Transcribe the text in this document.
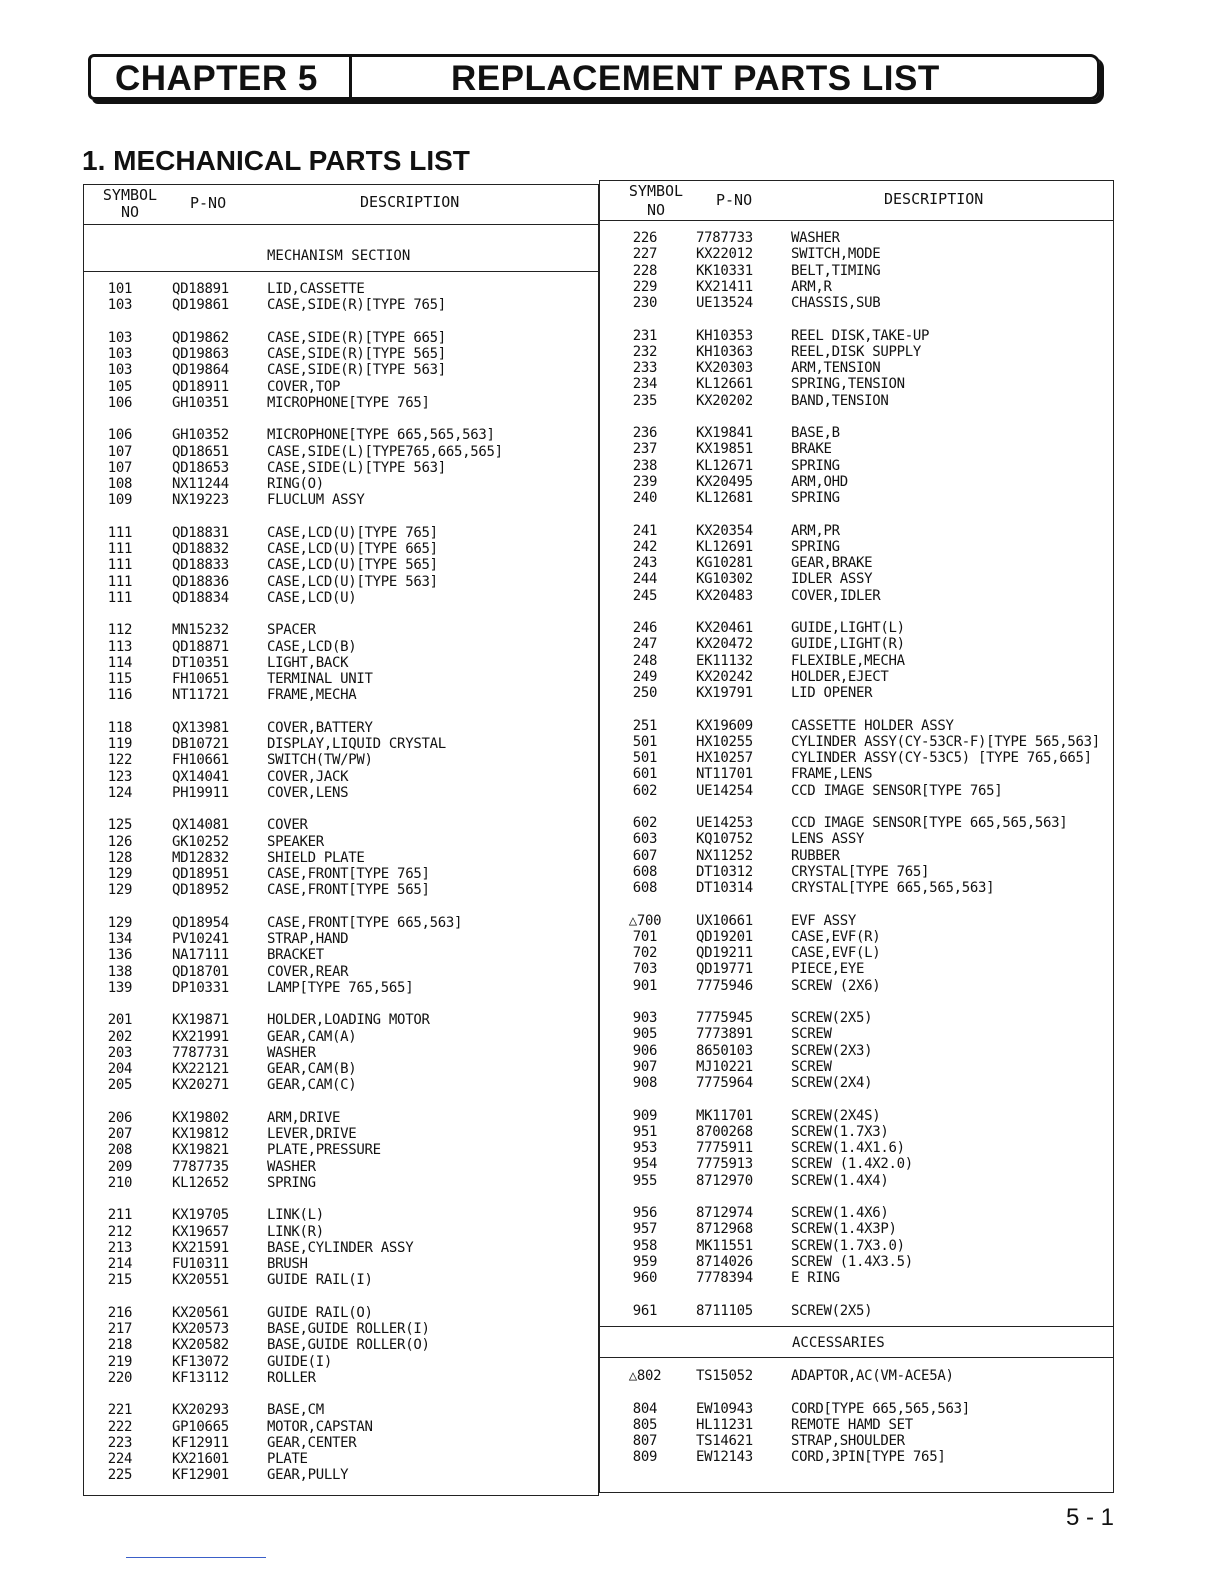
CHAPTER 5	REPLACEMENT PARTS LIST
1. MECHANICAL PARTS LIST
SYMBOL
NO	P-NO	DESCRIPTION
MECHANISM SECTION
101	QD18891	LID,CASSETTE
103	QD19861	CASE,SIDE(R)[TYPE 765]
103	QD19862	CASE,SIDE(R)[TYPE 665]
103	QD19863	CASE,SIDE(R)[TYPE 565]
103	QD19864	CASE,SIDE(R)[TYPE 563]
105	QD18911	COVER,TOP
106	GH10351	MICROPHONE[TYPE 765]
106	GH10352	MICROPHONE[TYPE 665,565,563]
107	QD18651	CASE,SIDE(L)[TYPE765,665,565]
107	QD18653	CASE,SIDE(L)[TYPE 563]
108	NX11244	RING(O)
109	NX19223	FLUCLUM ASSY
111	QD18831	CASE,LCD(U)[TYPE 765]
111	QD18832	CASE,LCD(U)[TYPE 665]
111	QD18833	CASE,LCD(U)[TYPE 565]
111	QD18836	CASE,LCD(U)[TYPE 563]
111	QD18834	CASE,LCD(U)
112	MN15232	SPACER
113	QD18871	CASE,LCD(B)
114	DT10351	LIGHT,BACK
115	FH10651	TERMINAL UNIT
116	NT11721	FRAME,MECHA
118	QX13981	COVER,BATTERY
119	DB10721	DISPLAY,LIQUID CRYSTAL
122	FH10661	SWITCH(TW/PW)
123	QX14041	COVER,JACK
124	PH19911	COVER,LENS
125	QX14081	COVER
126	GK10252	SPEAKER
128	MD12832	SHIELD PLATE
129	QD18951	CASE,FRONT[TYPE 765]
129	QD18952	CASE,FRONT[TYPE 565]
129	QD18954	CASE,FRONT[TYPE 665,563]
134	PV10241	STRAP,HAND
136	NA17111	BRACKET
138	QD18701	COVER,REAR
139	DP10331	LAMP[TYPE 765,565]
201	KX19871	HOLDER,LOADING MOTOR
202	KX21991	GEAR,CAM(A)
203	7787731	WASHER
204	KX22121	GEAR,CAM(B)
205	KX20271	GEAR,CAM(C)
206	KX19802	ARM,DRIVE
207	KX19812	LEVER,DRIVE
208	KX19821	PLATE,PRESSURE
209	7787735	WASHER
210	KL12652	SPRING
211	KX19705	LINK(L)
212	KX19657	LINK(R)
213	KX21591	BASE,CYLINDER ASSY
214	FU10311	BRUSH
215	KX20551	GUIDE RAIL(I)
216	KX20561	GUIDE RAIL(O)
217	KX20573	BASE,GUIDE ROLLER(I)
218	KX20582	BASE,GUIDE ROLLER(O)
219	KF13072	GUIDE(I)
220	KF13112	ROLLER
221	KX20293	BASE,CM
222	GP10665	MOTOR,CAPSTAN
223	KF12911	GEAR,CENTER
224	KX21601	PLATE
225	KF12901	GEAR,PULLY
SYMBOL
NO
P-NO	DESCRIPTION
226	7787733	WASHER
227	KX22012	SWITCH,MODE
228	KK10331	BELT,TIMING
229	KX21411	ARM,R
230	UE13524	CHASSIS,SUB
231	KH10353	REEL DISK,TAKE-UP
232	KH10363	REEL,DISK SUPPLY
233	KX20303	ARM,TENSION
234	KL12661	SPRING,TENSION
235	KX20202	BAND,TENSION
236	KX19841	BASE,B
237	KX19851	BRAKE
238	KL12671	SPRING
239	KX20495	ARM,OHD
240	KL12681	SPRING
241	KX20354	ARM,PR
242	KL12691	SPRING
243	KG10281	GEAR,BRAKE
244	KG10302	IDLER ASSY
245	KX20483	COVER,IDLER
246	KX20461	GUIDE,LIGHT(L)
247	KX20472	GUIDE,LIGHT(R)
248	EK11132	FLEXIBLE,MECHA
249	KX20242	HOLDER,EJECT
250	KX19791	LID OPENER
251	KX19609	CASSETTE HOLDER ASSY
501	HX10255	CYLINDER ASSY(CY-53CR-F)[TYPE 565,563]
501	HX10257	CYLINDER ASSY(CY-53C5) [TYPE 765,665]
601	NT11701	FRAME,LENS
602	UE14254	CCD IMAGE SENSOR[TYPE 765]
602	UE14253	CCD IMAGE SENSOR[TYPE 665,565,563]
603	KQ10752	LENS ASSY
607	NX11252	RUBBER
608	DT10312	CRYSTAL[TYPE 765]
608	DT10314	CRYSTAL[TYPE 665,565,563]
△700	UX10661	EVF ASSY
701	QD19201	CASE,EVF(R)
702	QD19211	CASE,EVF(L)
703	QD19771	PIECE,EYE
901	7775946	SCREW (2X6)
903	7775945	SCREW(2X5)
905	7773891	SCREW
906	8650103	SCREW(2X3)
907	MJ10221	SCREW
908	7775964	SCREW(2X4)
909	MK11701	SCREW(2X4S)
951	8700268	SCREW(1.7X3)
953	7775911	SCREW(1.4X1.6)
954	7775913	SCREW (1.4X2.0)
955	8712970	SCREW(1.4X4)
956	8712974	SCREW(1.4X6)
957	8712968	SCREW(1.4X3P)
958	MK11551	SCREW(1.7X3.0)
959	8714026	SCREW (1.4X3.5)
960	7778394	E RING
961	8711105	SCREW(2X5)
ACCESSARIES
△802	TS15052	ADAPTOR,AC(VM-ACE5A)
804	EW10943	CORD[TYPE 665,565,563]
805	HL11231	REMOTE HAMD SET
807	TS14621	STRAP,SHOULDER
809	EW12143	CORD,3PIN[TYPE 765]
5 - 1
